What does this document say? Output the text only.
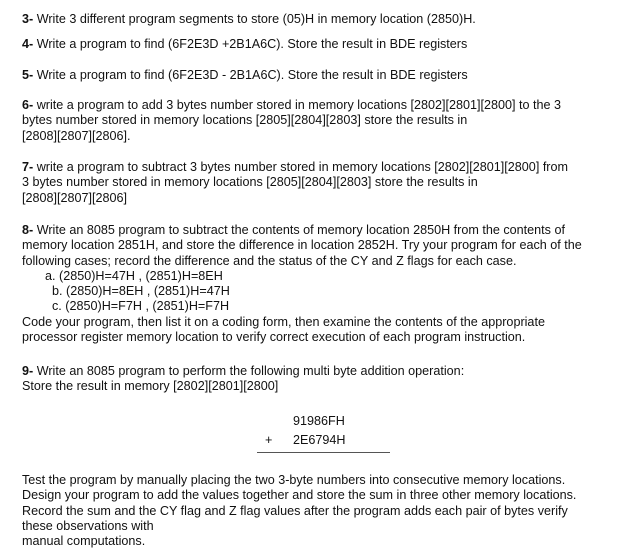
3- Write 3 different program segments to store (05)H in memory location (2850)H.
4- Write a program to find (6F2E3D +2B1A6C). Store the result in BDE registers
5- Write a program to find (6F2E3D - 2B1A6C). Store the result in BDE registers
6- write a program to add 3 bytes number stored in memory locations [2802][2801][2800] to the 3
bytes number stored in memory locations [2805][2804][2803] store the results in
[2808][2807][2806].
7- write a program to subtract 3 bytes number stored in memory locations [2802][2801][2800] from
3 bytes number stored in memory locations [2805][2804][2803] store the results in
[2808][2807][2806]
8- Write an 8085 program to subtract the contents of memory location 2850H from the contents of
memory location 2851H, and store the difference in location 2852H. Try your program for each of the
following cases; record the difference and the status of the CY and Z flags for each case.
a. (2850)H=47H , (2851)H=8EH
b. (2850)H=8EH , (2851)H=47H
c. (2850)H=F7H , (2851)H=F7H
Code your program, then list it on a coding form, then examine the contents of the appropriate
processor register memory location to verify correct execution of each program instruction.
9- Write an 8085 program to perform the following multi byte addition operation:
Store the result in memory [2802][2801][2800]
91986FH
+ 2E6794H
Test the program by manually placing the two 3-byte numbers into consecutive memory locations.
Design your program to add the values together and store the sum in three other memory locations.
Record the sum and the CY flag and Z flag values after the program adds each pair of bytes verify
these observations with
manual computations.
